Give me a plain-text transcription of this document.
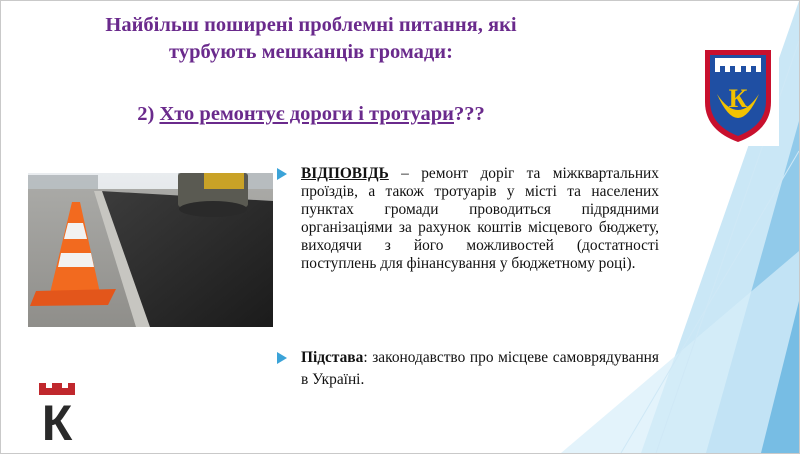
Найбільш поширені проблемні питання, які
турбують мешканців громади:
2) Хто ремонтує дороги і тротуари???

ВІДПОВІДЬ – ремонт доріг та міжквартальних проїздів, а також тротуарів у місті та населених пунктах громади проводиться підрядними організаціями за рахунок коштів місцевого бюджету, виходячи з його можливостей (достатності поступлень для фінансування у бюджетному році).

Підстава: законодавство про місцеве самоврядування в Україні.

К
К
